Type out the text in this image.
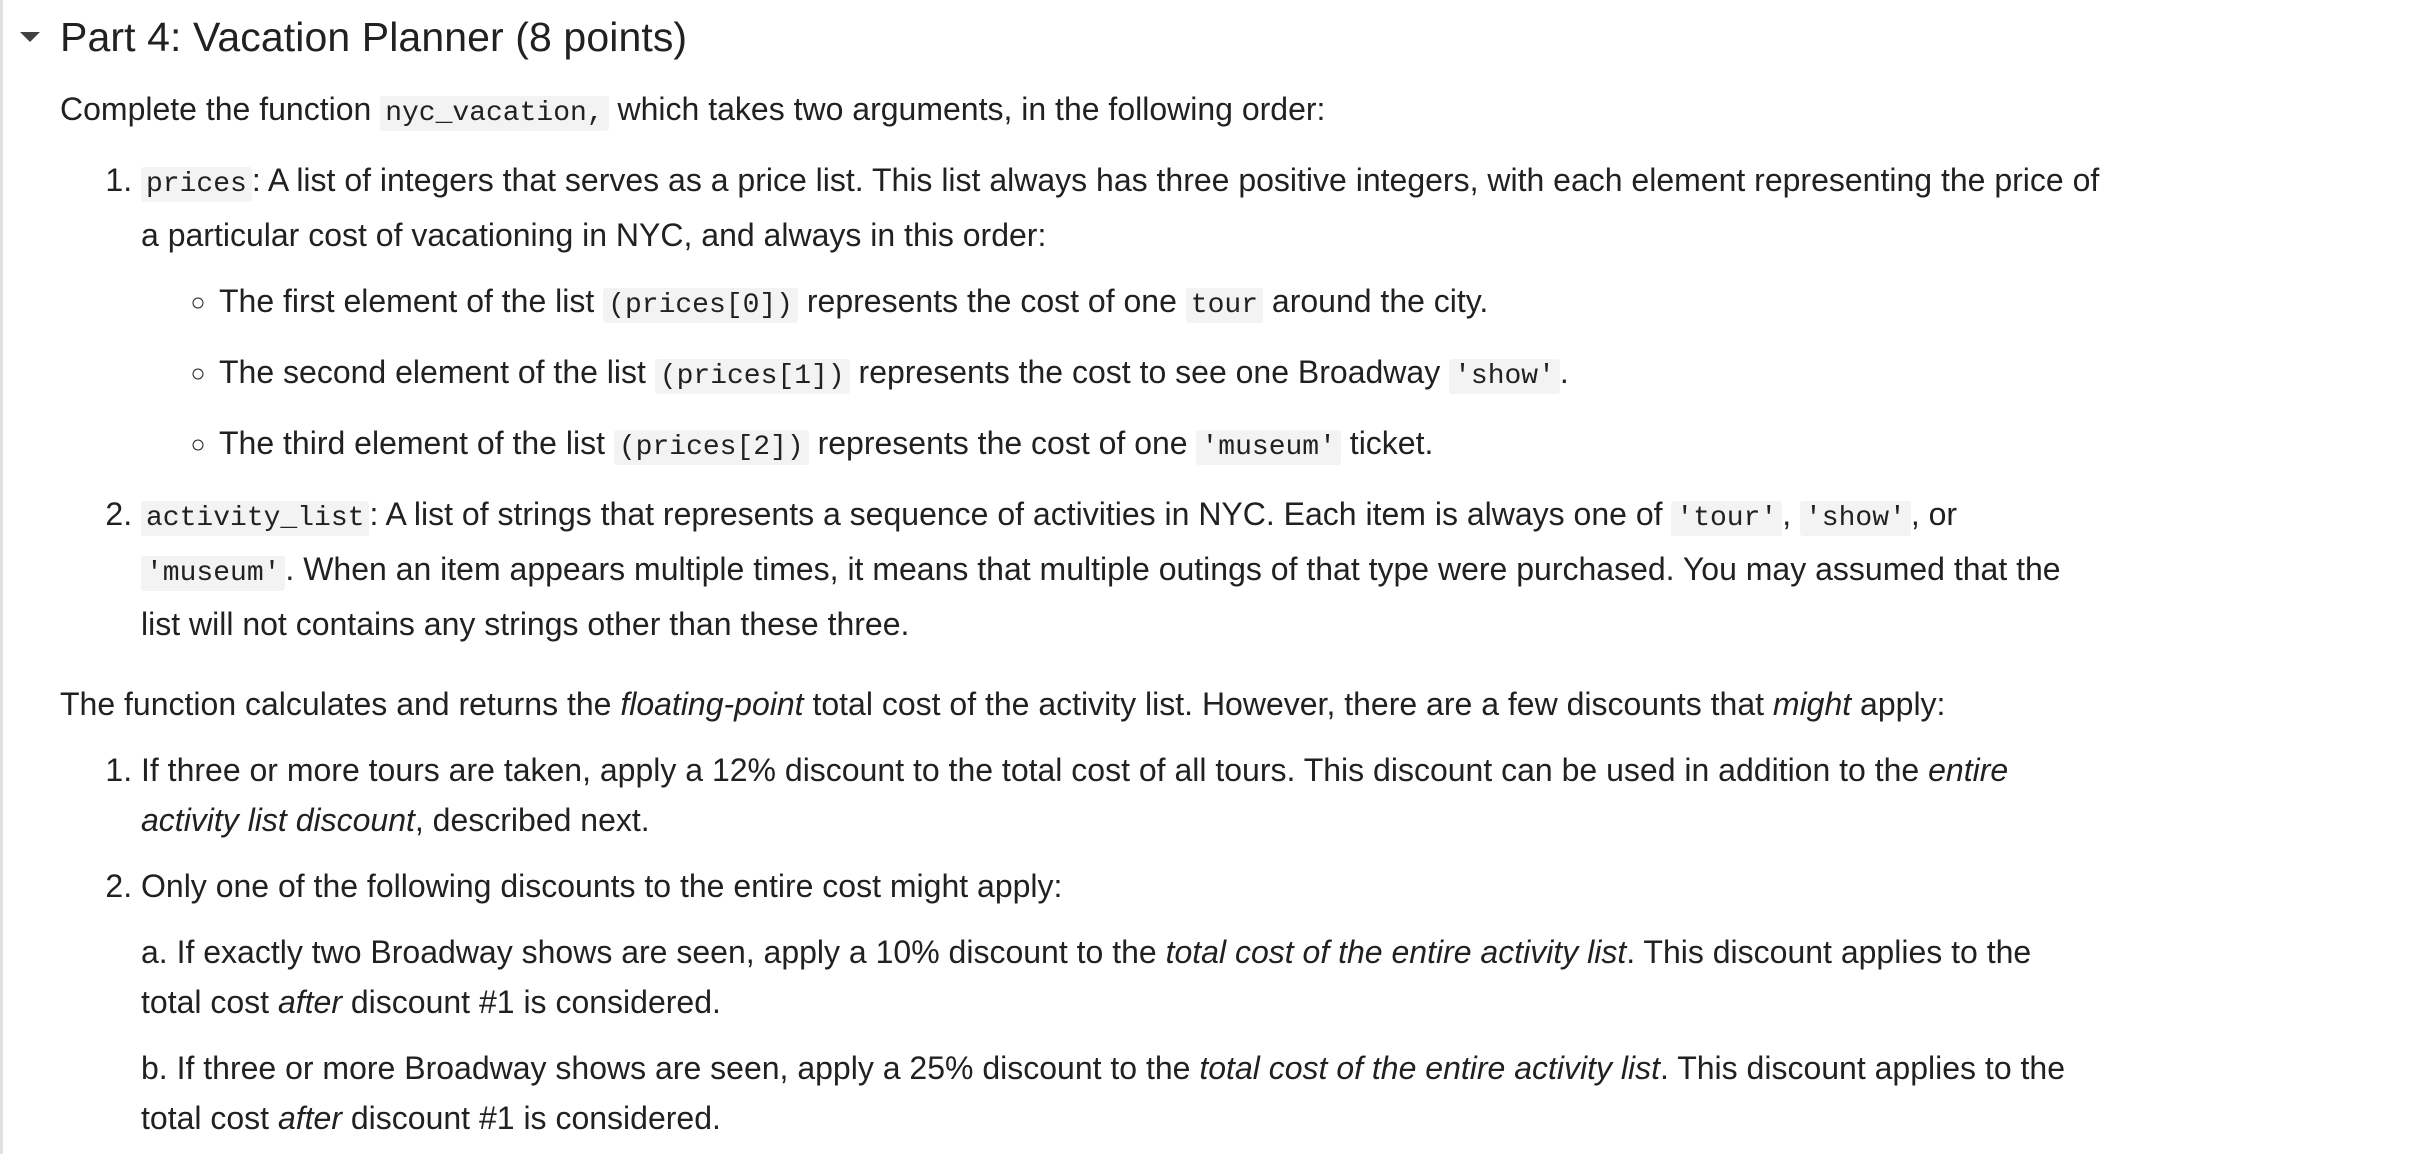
Part 4: Vacation Planner (8 points)

Complete the function nyc_vacation, which takes two arguments, in the following order:

1. prices : A list of integers that serves as a price list. This list always has three positive integers, with each element representing the price of a particular cost of vacationing in NYC, and always in this order:
◦ The first element of the list (prices[0]) represents the cost of one tour around the city.
◦ The second element of the list (prices[1]) represents the cost to see one Broadway 'show' .
◦ The third element of the list (prices[2]) represents the cost of one 'museum' ticket.
2. activity_list : A list of strings that represents a sequence of activities in NYC. Each item is always one of 'tour' , 'show' , or 'museum' . When an item appears multiple times, it means that multiple outings of that type were purchased. You may assumed that the list will not contains any strings other than these three.

The function calculates and returns the floating-point total cost of the activity list. However, there are a few discounts that might apply:

1. If three or more tours are taken, apply a 12% discount to the total cost of all tours. This discount can be used in addition to the entire activity list discount, described next.
2. Only one of the following discounts to the entire cost might apply:

a. If exactly two Broadway shows are seen, apply a 10% discount to the total cost of the entire activity list. This discount applies to the total cost after discount #1 is considered.

b. If three or more Broadway shows are seen, apply a 25% discount to the total cost of the entire activity list. This discount applies to the total cost after discount #1 is considered.
